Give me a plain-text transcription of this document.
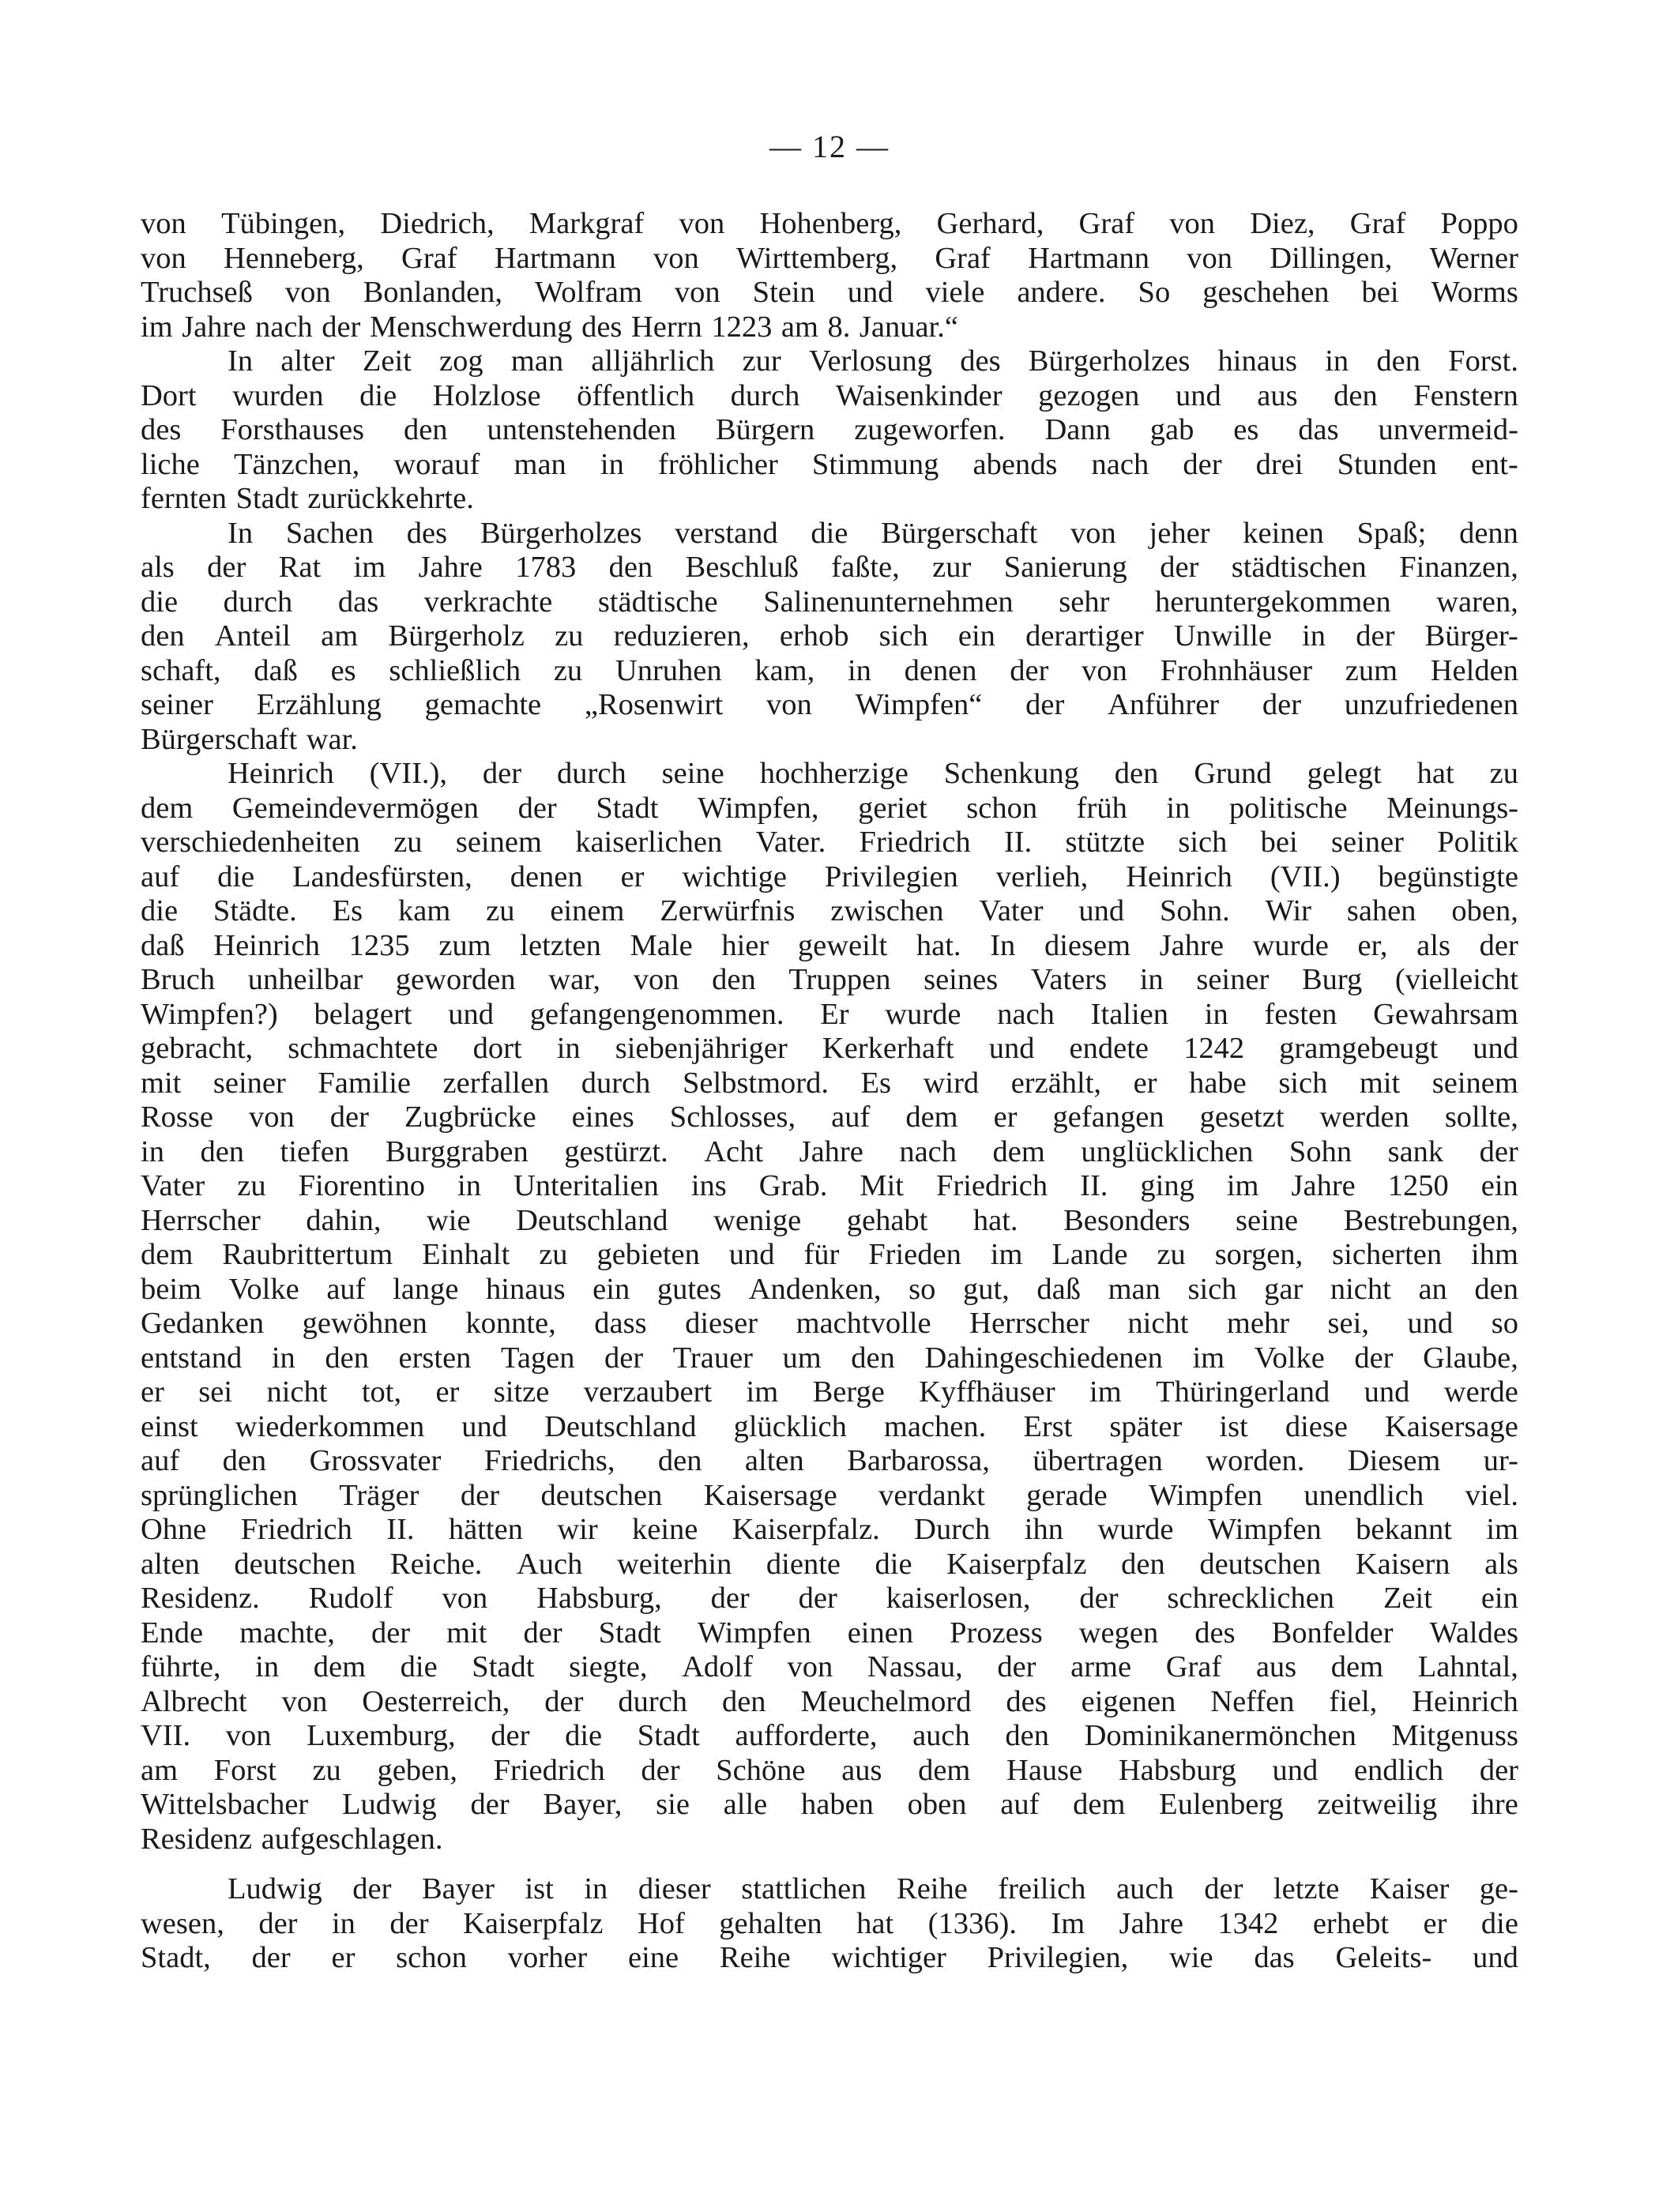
— 12 —
von Tübingen, Diedrich, Markgraf von Hohenberg, Gerhard, Graf von Diez, Graf Poppo
von Henneberg, Graf Hartmann von Wirttemberg, Graf Hartmann von Dillingen, Werner
Truchseß von Bonlanden, Wolfram von Stein und viele andere. So geschehen bei Worms
im Jahre nach der Menschwerdung des Herrn 1223 am 8. Januar.“
In alter Zeit zog man alljährlich zur Verlosung des Bürgerholzes hinaus in den Forst.
Dort wurden die Holzlose öffentlich durch Waisenkinder gezogen und aus den Fenstern
des Forsthauses den untenstehenden Bürgern zugeworfen. Dann gab es das unvermeid-
liche Tänzchen, worauf man in fröhlicher Stimmung abends nach der drei Stunden ent-
fernten Stadt zurückkehrte.
In Sachen des Bürgerholzes verstand die Bürgerschaft von jeher keinen Spaß; denn
als der Rat im Jahre 1783 den Beschluß faßte, zur Sanierung der städtischen Finanzen,
die durch das verkrachte städtische Salinenunternehmen sehr heruntergekommen waren,
den Anteil am Bürgerholz zu reduzieren, erhob sich ein derartiger Unwille in der Bürger-
schaft, daß es schließlich zu Unruhen kam, in denen der von Frohnhäuser zum Helden
seiner Erzählung gemachte „Rosenwirt von Wimpfen“ der Anführer der unzufriedenen
Bürgerschaft war.
Heinrich (VII.), der durch seine hochherzige Schenkung den Grund gelegt hat zu
dem Gemeindevermögen der Stadt Wimpfen, geriet schon früh in politische Meinungs-
verschiedenheiten zu seinem kaiserlichen Vater. Friedrich II. stützte sich bei seiner Politik
auf die Landesfürsten, denen er wichtige Privilegien verlieh, Heinrich (VII.) begünstigte
die Städte. Es kam zu einem Zerwürfnis zwischen Vater und Sohn. Wir sahen oben,
daß Heinrich 1235 zum letzten Male hier geweilt hat. In diesem Jahre wurde er, als der
Bruch unheilbar geworden war, von den Truppen seines Vaters in seiner Burg (vielleicht
Wimpfen?) belagert und gefangengenommen. Er wurde nach Italien in festen Gewahrsam
gebracht, schmachtete dort in siebenjähriger Kerkerhaft und endete 1242 gramgebeugt und
mit seiner Familie zerfallen durch Selbstmord. Es wird erzählt, er habe sich mit seinem
Rosse von der Zugbrücke eines Schlosses, auf dem er gefangen gesetzt werden sollte,
in den tiefen Burggraben gestürzt. Acht Jahre nach dem unglücklichen Sohn sank der
Vater zu Fiorentino in Unteritalien ins Grab. Mit Friedrich II. ging im Jahre 1250 ein
Herrscher dahin, wie Deutschland wenige gehabt hat. Besonders seine Bestrebungen,
dem Raubrittertum Einhalt zu gebieten und für Frieden im Lande zu sorgen, sicherten ihm
beim Volke auf lange hinaus ein gutes Andenken, so gut, daß man sich gar nicht an den
Gedanken gewöhnen konnte, dass dieser machtvolle Herrscher nicht mehr sei, und so
entstand in den ersten Tagen der Trauer um den Dahingeschiedenen im Volke der Glaube,
er sei nicht tot, er sitze verzaubert im Berge Kyffhäuser im Thüringerland und werde
einst wiederkommen und Deutschland glücklich machen. Erst später ist diese Kaisersage
auf den Grossvater Friedrichs, den alten Barbarossa, übertragen worden. Diesem ur-
sprünglichen Träger der deutschen Kaisersage verdankt gerade Wimpfen unendlich viel.
Ohne Friedrich II. hätten wir keine Kaiserpfalz. Durch ihn wurde Wimpfen bekannt im
alten deutschen Reiche. Auch weiterhin diente die Kaiserpfalz den deutschen Kaisern als
Residenz. Rudolf von Habsburg, der der kaiserlosen, der schrecklichen Zeit ein
Ende machte, der mit der Stadt Wimpfen einen Prozess wegen des Bonfelder Waldes
führte, in dem die Stadt siegte, Adolf von Nassau, der arme Graf aus dem Lahntal,
Albrecht von Oesterreich, der durch den Meuchelmord des eigenen Neffen fiel, Heinrich
VII. von Luxemburg, der die Stadt aufforderte, auch den Dominikanermönchen Mitgenuss
am Forst zu geben, Friedrich der Schöne aus dem Hause Habsburg und endlich der
Wittelsbacher Ludwig der Bayer, sie alle haben oben auf dem Eulenberg zeitweilig ihre
Residenz aufgeschlagen.
Ludwig der Bayer ist in dieser stattlichen Reihe freilich auch der letzte Kaiser ge-
wesen, der in der Kaiserpfalz Hof gehalten hat (1336). Im Jahre 1342 erhebt er die
Stadt, der er schon vorher eine Reihe wichtiger Privilegien, wie das Geleits- und
